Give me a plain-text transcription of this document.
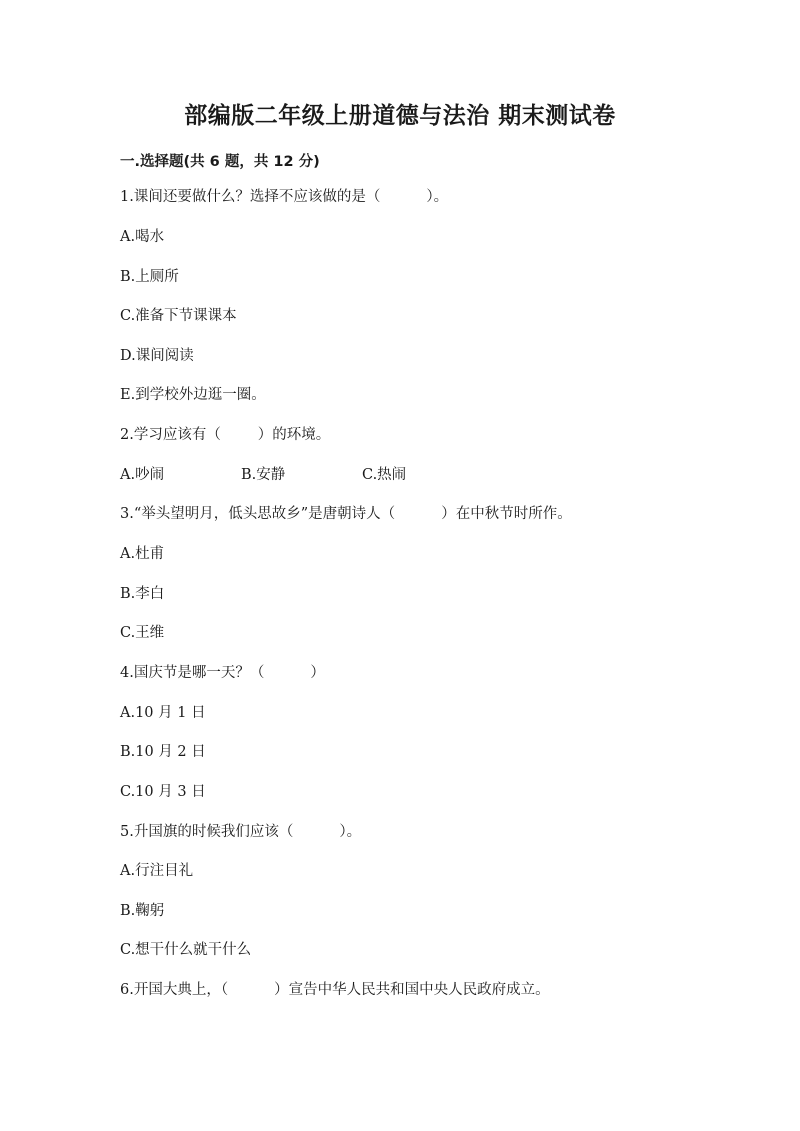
部编版二年级上册道德与法治 期末测试卷
一.选择题(共 6 题，共 12 分)
1.课间还要做什么？选择不应该做的是（          ）。
A.喝水
B.上厕所
C.准备下节课课本
D.课间阅读
E.到学校外边逛一圈。
2.学习应该有（        ）的环境。
A.吵闹	B.安静	C.热闹
3.“举头望明月，低头思故乡”是唐朝诗人（          ）在中秋节时所作。
A.杜甫
B.李白
C.王维
4.国庆节是哪一天？（          ）
A.10 月 1 日
B.10 月 2 日
C.10 月 3 日
5.升国旗的时候我们应该（          ）。
A.行注目礼
B.鞠躬
C.想干什么就干什么
6.开国大典上，（          ）宣告中华人民共和国中央人民政府成立。
